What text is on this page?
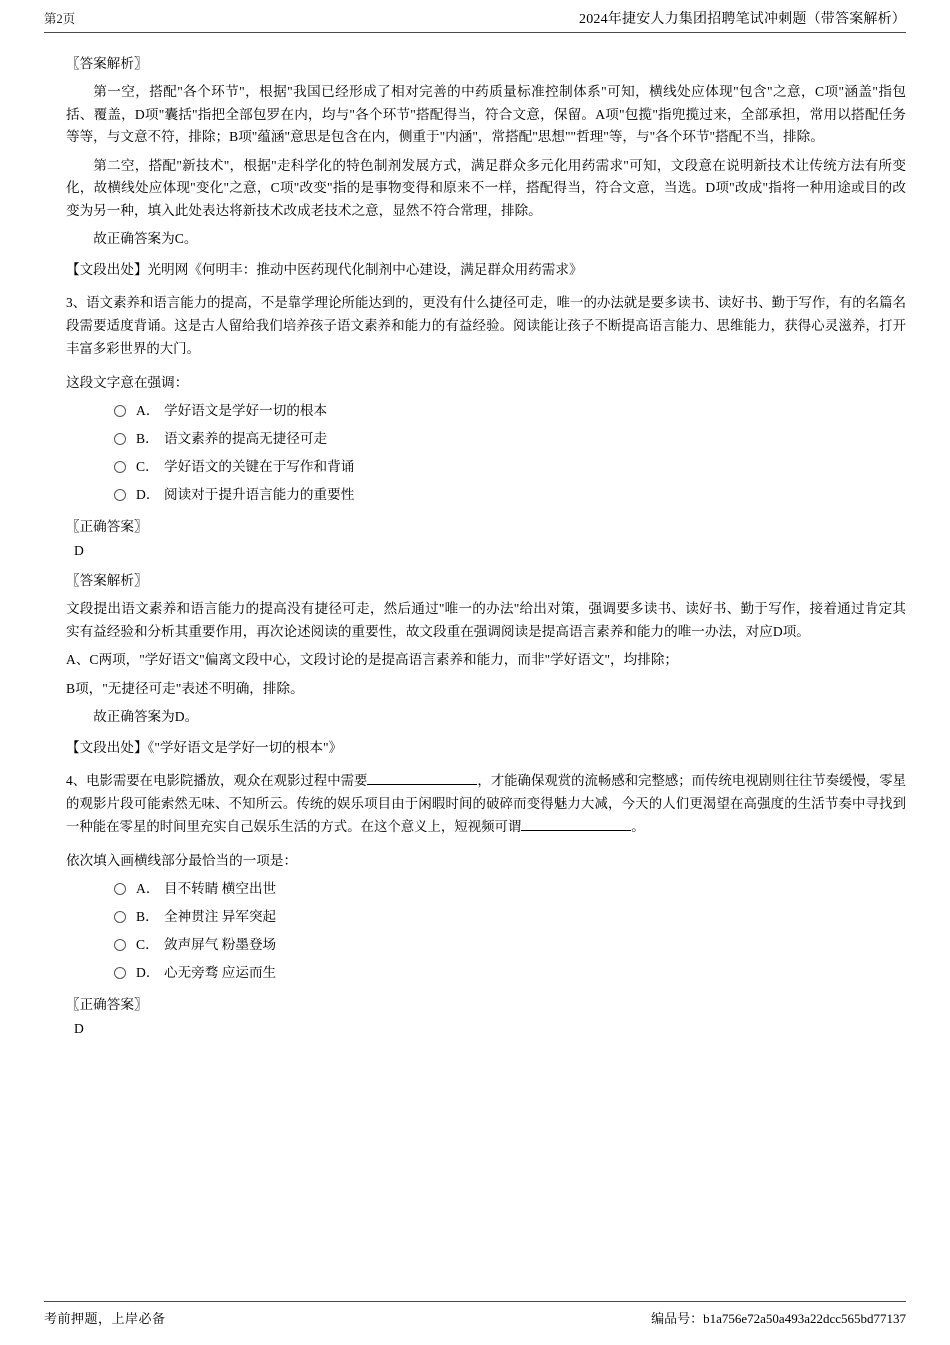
第2页	2024年捷安人力集团招聘笔试冲刺题（带答案解析）
〖答案解析〗
第一空，搭配"各个环节"，根据"我国已经形成了相对完善的中药质量标准控制体系"可知，横线处应体现"包含"之意，C项"涵盖"指包括、覆盖，D项"囊括"指把全部包罗在内，均与"各个环节"搭配得当，符合文意，保留。A项"包揽"指兜揽过来，全部承担，常用以搭配任务等等，与文意不符，排除；B项"蕴涵"意思是包含在内，侧重于"内涵"，常搭配"思想""哲理"等，与"各个环节"搭配不当，排除。
第二空，搭配"新技术"，根据"走科学化的特色制剂发展方式，满足群众多元化用药需求"可知，文段意在说明新技术让传统方法有所变化，故横线处应体现"变化"之意，C项"改变"指的是事物变得和原来不一样，搭配得当，符合文意，当选。D项"改成"指将一种用途或目的改变为另一种，填入此处表达将新技术改成老技术之意，显然不符合常理，排除。
故正确答案为C。
【文段出处】光明网《何明丰：推动中医药现代化制剂中心建设，满足群众用药需求》
3、语文素养和语言能力的提高，不是靠学理论所能达到的，更没有什么捷径可走，唯一的办法就是要多读书、读好书、勤于写作，有的名篇名段需要适度背诵。这是古人留给我们培养孩子语文素养和能力的有益经验。阅读能让孩子不断提高语言能力、思维能力，获得心灵滋养，打开丰富多彩世界的大门。
这段文字意在强调：
A． 学好语文是学好一切的根本
B． 语文素养的提高无捷径可走
C． 学好语文的关键在于写作和背诵
D． 阅读对于提升语言能力的重要性
〖正确答案〗
D
〖答案解析〗
文段提出语文素养和语言能力的提高没有捷径可走，然后通过"唯一的办法"给出对策，强调要多读书、读好书、勤于写作，接着通过肯定其实有益经验和分析其重要作用，再次论述阅读的重要性，故文段重在强调阅读是提高语言素养和能力的唯一办法，对应D项。
A、C两项，"学好语文"偏离文段中心，文段讨论的是提高语言素养和能力，而非"学好语文"，均排除；
B项，"无捷径可走"表述不明确，排除。
故正确答案为D。
【文段出处】《"学好语文是学好一切的根本"》
4、电影需要在电影院播放，观众在观影过程中需要	，才能确保观赏的流畅感和完整感；而传统电视剧则往往节奏缓慢，零星的观影片段可能索然无味、不知所云。传统的娱乐项目由于闲暇时间的破碎而变得魅力大减，今天的人们更渴望在高强度的生活节奏中寻找到一种能在零星的时间里充实自己娱乐生活的方式。在这个意义上，短视频可谓	。
依次填入画横线部分最恰当的一项是：
A． 目不转睛 横空出世
B． 全神贯注 异军突起
C． 敛声屏气 粉墨登场
D． 心无旁骛 应运而生
〖正确答案〗
D
考前押题，上岸必备	编品号：b1a756e72a50a493a22dcc565bd77137
